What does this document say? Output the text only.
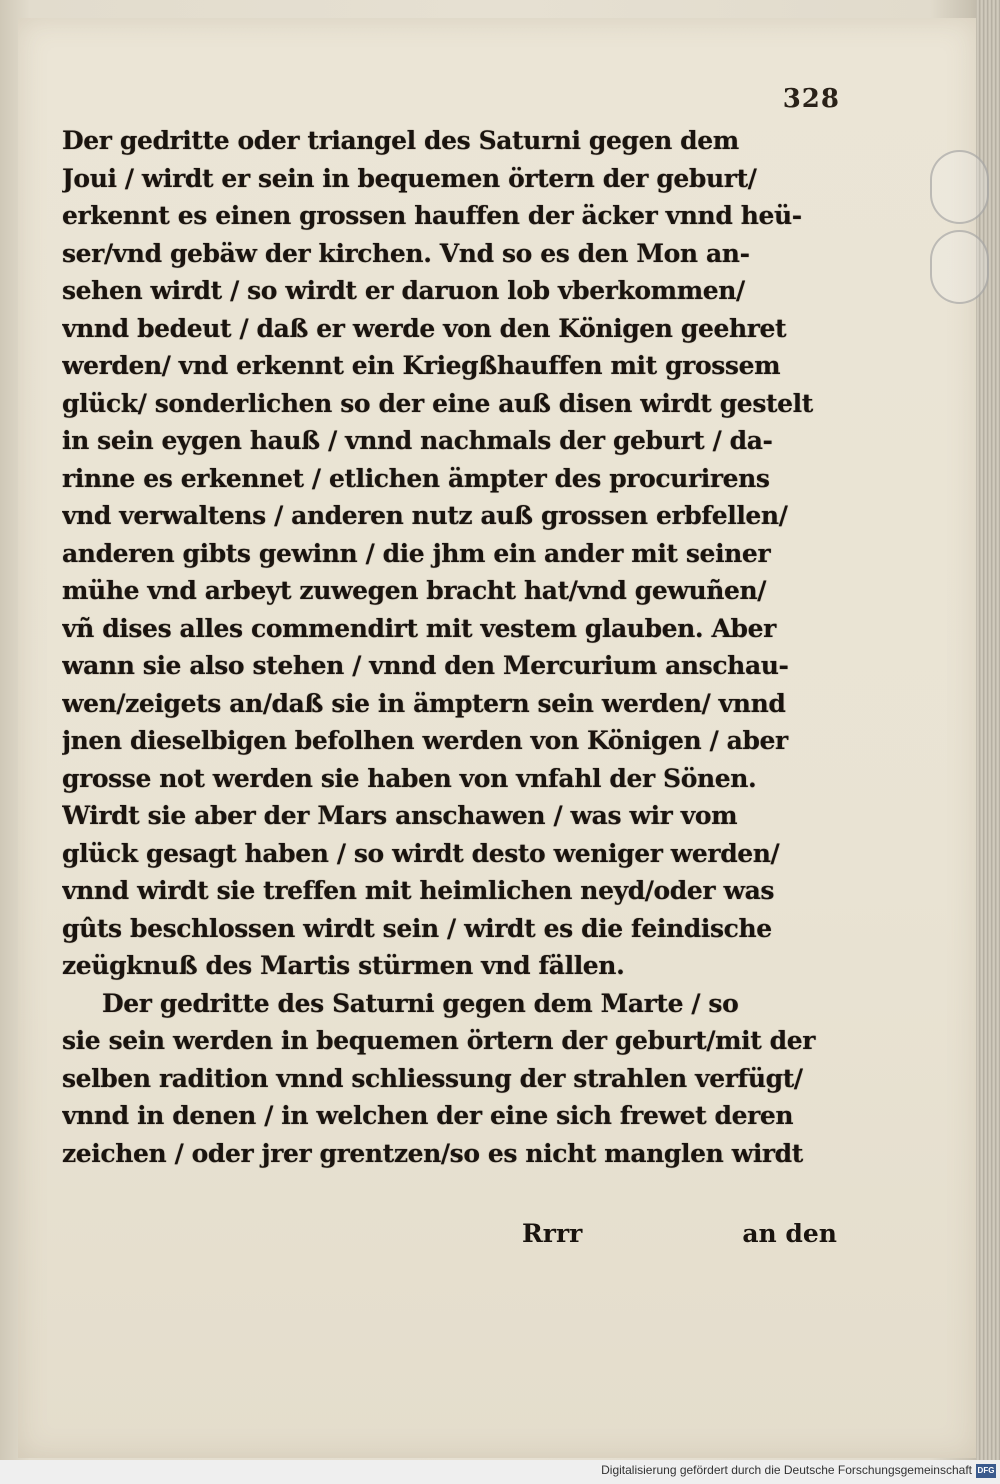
328
Der gedritte oder triangel des Saturni gegen dem
Joui / wirdt er sein in bequemen örtern der geburt/
erkennt es einen grossen hauffen der äcker vnnd heü-
ser/vnd gebäw der kirchen. Vnd so es den Mon an-
sehen wirdt / so wirdt er daruon lob vberkommen/
vnnd bedeut / daß er werde von den Königen geehret
werden/ vnd erkennt ein Kriegßhauffen mit grossem
glück/ sonderlichen so der eine auß disen wirdt gestelt
in sein eygen hauß / vnnd nachmals der geburt / da-
rinne es erkennet / etlichen ämpter des procurirens
vnd verwaltens / anderen nutz auß grossen erbfellen/
anderen gibts gewinn / die jhm ein ander mit seiner
mühe vnd arbeyt zuwegen bracht hat/vnd gewuñen/
vñ dises alles commendirt mit vestem glauben. Aber
wann sie also stehen / vnnd den Mercurium anschau-
wen/zeigets an/daß sie in ämptern sein werden/ vnnd
jnen dieselbigen befolhen werden von Königen / aber
grosse not werden sie haben von vnfahl der Sönen.
Wirdt sie aber der Mars anschawen / was wir vom
glück gesagt haben / so wirdt desto weniger werden/
vnnd wirdt sie treffen mit heimlichen neyd/oder was
gûts beschlossen wirdt sein / wirdt es die feindische
zeügknuß des Martis stürmen vnd fällen.
Der gedritte des Saturni gegen dem Marte / so
sie sein werden in bequemen örtern der geburt/mit der
selben radition vnnd schliessung der strahlen verfügt/
vnnd in denen / in welchen der eine sich frewet deren
zeichen / oder jrer grentzen/so es nicht manglen wirdt
Rrrr	an den
Digitalisierung gefördert durch die Deutsche Forschungsgemeinschaft DFG
